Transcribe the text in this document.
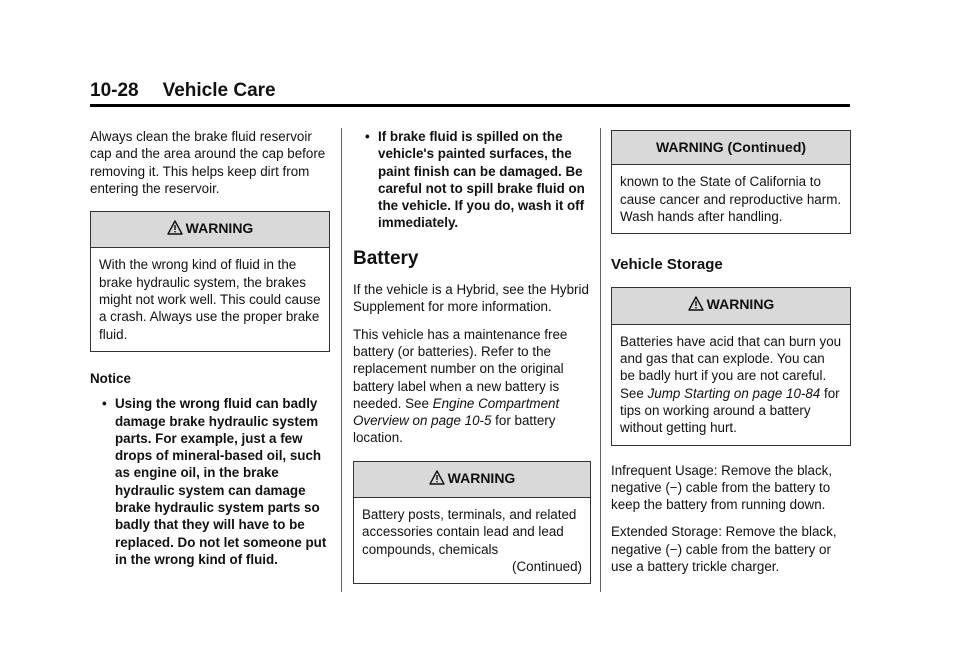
10-28 Vehicle Care

Always clean the brake fluid reservoir cap and the area around the cap before removing it. This helps keep dirt from entering the reservoir.

WARNING

With the wrong kind of fluid in the brake hydraulic system, the brakes might not work well. This could cause a crash. Always use the proper brake fluid.

Notice
• Using the wrong fluid can badly damage brake hydraulic system parts. For example, just a few drops of mineral-based oil, such as engine oil, in the brake hydraulic system can damage brake hydraulic system parts so badly that they will have to be replaced. Do not let someone put in the wrong kind of fluid.
• If brake fluid is spilled on the vehicle's painted surfaces, the paint finish can be damaged. Be careful not to spill brake fluid on the vehicle. If you do, wash it off immediately.
Battery

If the vehicle is a Hybrid, see the Hybrid Supplement for more information.

This vehicle has a maintenance free battery (or batteries). Refer to the replacement number on the original battery label when a new battery is needed. See Engine Compartment Overview on page 10-5 for battery location.

WARNING

Battery posts, terminals, and related accessories contain lead and lead compounds, chemicals

(Continued)
WARNING (Continued)

known to the State of California to cause cancer and reproductive harm. Wash hands after handling.

Vehicle Storage
WARNING

Batteries have acid that can burn you and gas that can explode. You can be badly hurt if you are not careful. See Jump Starting on page 10-84 for tips on working around a battery without getting hurt.

Infrequent Usage: Remove the black, negative (−) cable from the battery to keep the battery from running down.

Extended Storage: Remove the black, negative (−) cable from the battery or use a battery trickle charger.
